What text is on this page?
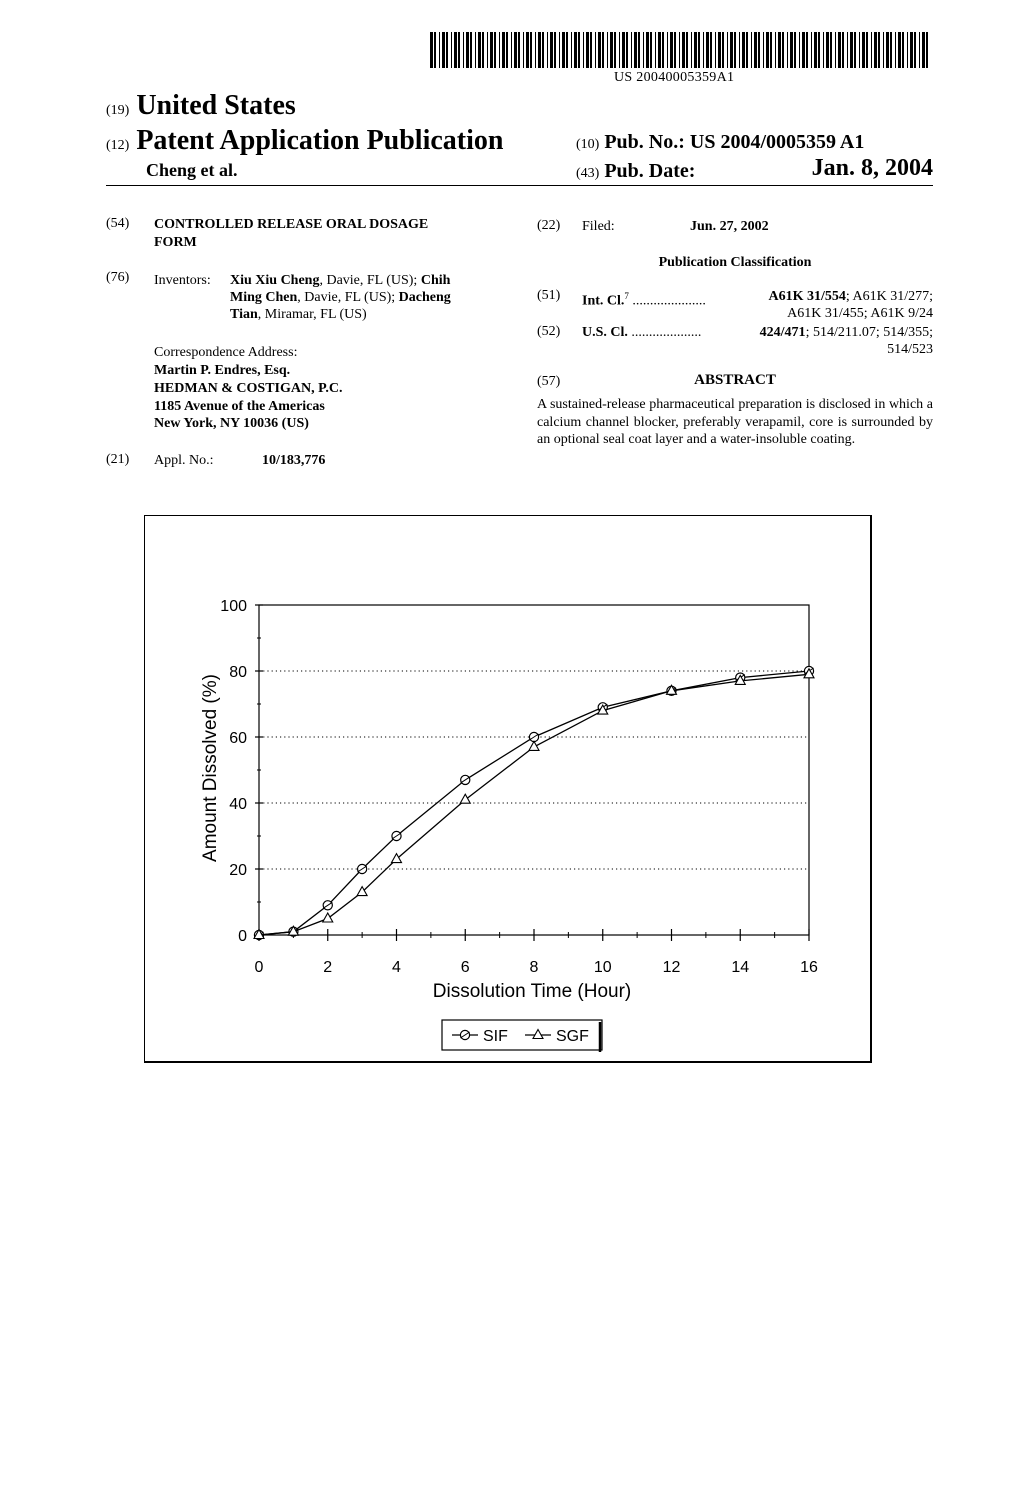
US 20040005359A1
(19) United States
(12) Patent Application Publication
Cheng et al.
(10) Pub. No.: US 2004/0005359 A1
(43) Pub. Date:	Jan. 8, 2004
(54) CONTROLLED RELEASE ORAL DOSAGE
FORM
(76) Inventors: Xiu Xiu Cheng, Davie, FL (US); Chih
Ming Chen, Davie, FL (US); Dacheng
Tian, Miramar, FL (US)
Correspondence Address:
Martin P. Endres, Esq.
HEDMAN & COSTIGAN, P.C.
1185 Avenue of the Americas
New York, NY 10036 (US)
(21) Appl. No.:	10/183,776
(22) Filed:	Jun. 27, 2002
Publication Classification
(51) Int. Cl.$^7$ .....................	A61K 31/554; A61K 31/277;
A61K 31/455; A61K 9/24
(52) U.S. Cl. ....................	424/471; 514/211.07; 514/355;
514/523
(57)	ABSTRACT
A sustained-release pharmaceutical preparation is disclosed in which a calcium channel blocker, preferably verapamil, core is surrounded by an optional seal coat layer and a water-insoluble coating.
0
20
40
60
80
100
0	2	4	6	8	10	12	14	16
Amount Dissolved (%)
Dissolution Time (Hour)
SIF	SGF
